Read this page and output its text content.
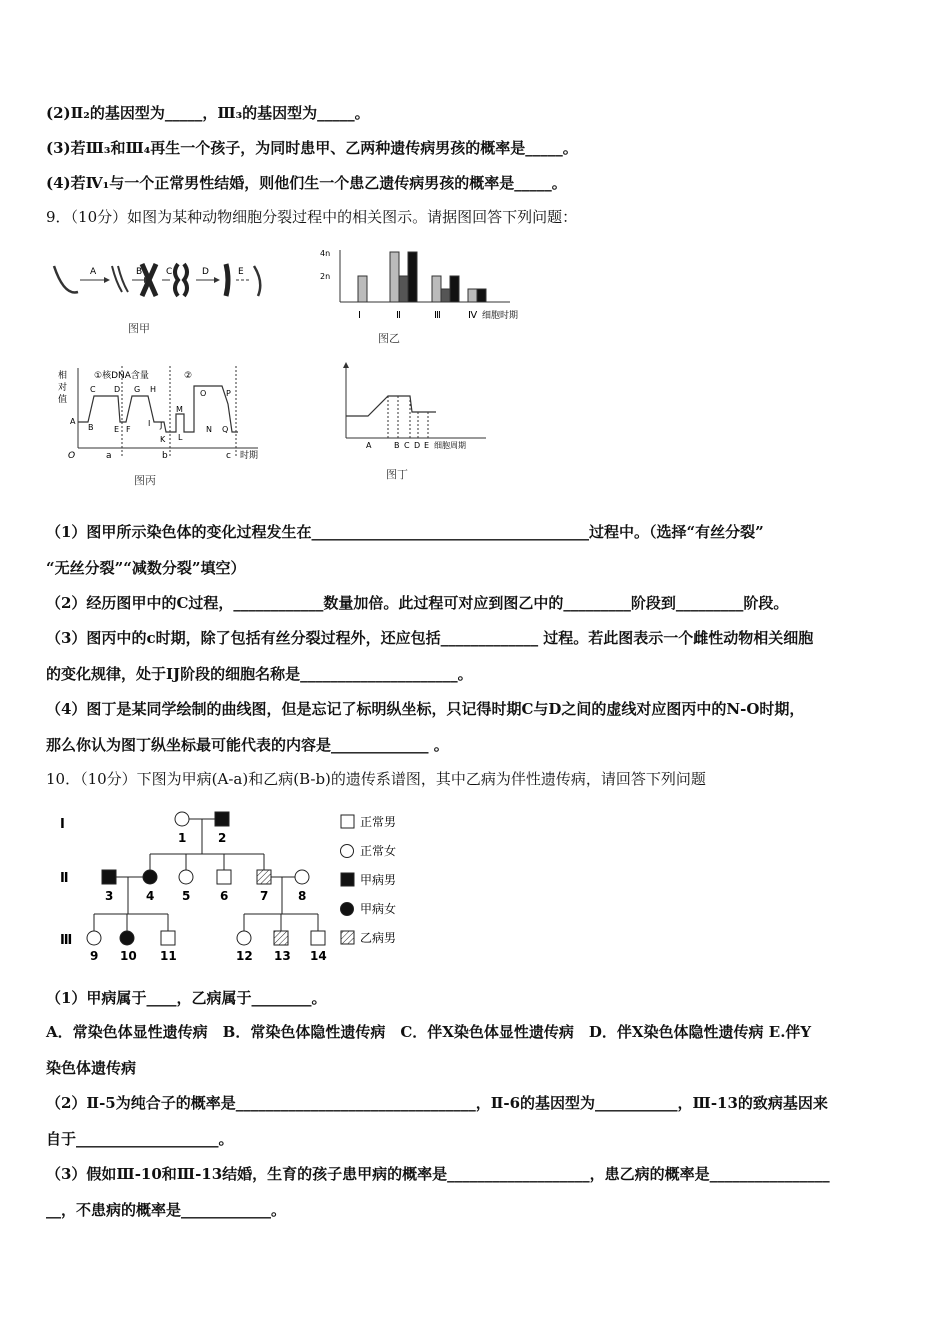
(2)Ⅱ₂的基因型为_____，Ⅲ₃的基因型为_____。
(3)若Ⅲ₃和Ⅲ₄再生一个孩子，为同时患甲、乙两种遗传病男孩的概率是_____。
(4)若Ⅳ₁与一个正常男性结婚，则他们生一个患乙遗传病男孩的概率是_____。
9．（10分）如图为某种动物细胞分裂过程中的相关图示。请据图回答下列问题：
A	B	C	D	E
图甲
4n
2n
Ⅰ	Ⅱ	Ⅲ	Ⅳ 细胞时期
图乙
相
对
值
①核DNA含量	②
A
B
C D
E F
G H
I J
K L
M
N
O P
Q
O	a	b	c 时期
图丙
A	B C D E 细胞周期
图丁
（1）图甲所示染色体的变化过程发生在_____________________________________过程中。（选择“有丝分裂”
“无丝分裂”“减数分裂”填空）
（2）经历图甲中的C过程，____________数量加倍。此过程可对应到图乙中的_________阶段到_________阶段。
（3）图丙中的c时期，除了包括有丝分裂过程外，还应包括_____________ 过程。若此图表示一个雌性动物相关细胞
的变化规律，处于IJ阶段的细胞名称是_____________________。
（4）图丁是某同学绘制的曲线图，但是忘记了标明纵坐标，只记得时期C与D之间的虚线对应图丙中的N-O时期，
那么你认为图丁纵坐标最可能代表的内容是_____________ 。
10．（10分）下图为甲病(A-a)和乙病(B-b)的遗传系谱图，其中乙病为伴性遗传病，请回答下列问题
Ⅰ
Ⅱ
Ⅲ
1	2
3	4 5 6	7 8
9 10 11	12 13 14
正常男
正常女
甲病男
甲病女
乙病男
（1）甲病属于____，乙病属于________。
A．常染色体显性遗传病　B．常染色体隐性遗传病　C．伴X染色体显性遗传病　D．伴X染色体隐性遗传病 E.伴Y
染色体遗传病
（2）Ⅱ-5为纯合子的概率是________________________________，Ⅱ-6的基因型为___________，Ⅲ-13的致病基因来
自于___________________。
（3）假如Ⅲ-10和Ⅲ-13结婚，生育的孩子患甲病的概率是___________________，患乙病的概率是________________
__，不患病的概率是____________。
